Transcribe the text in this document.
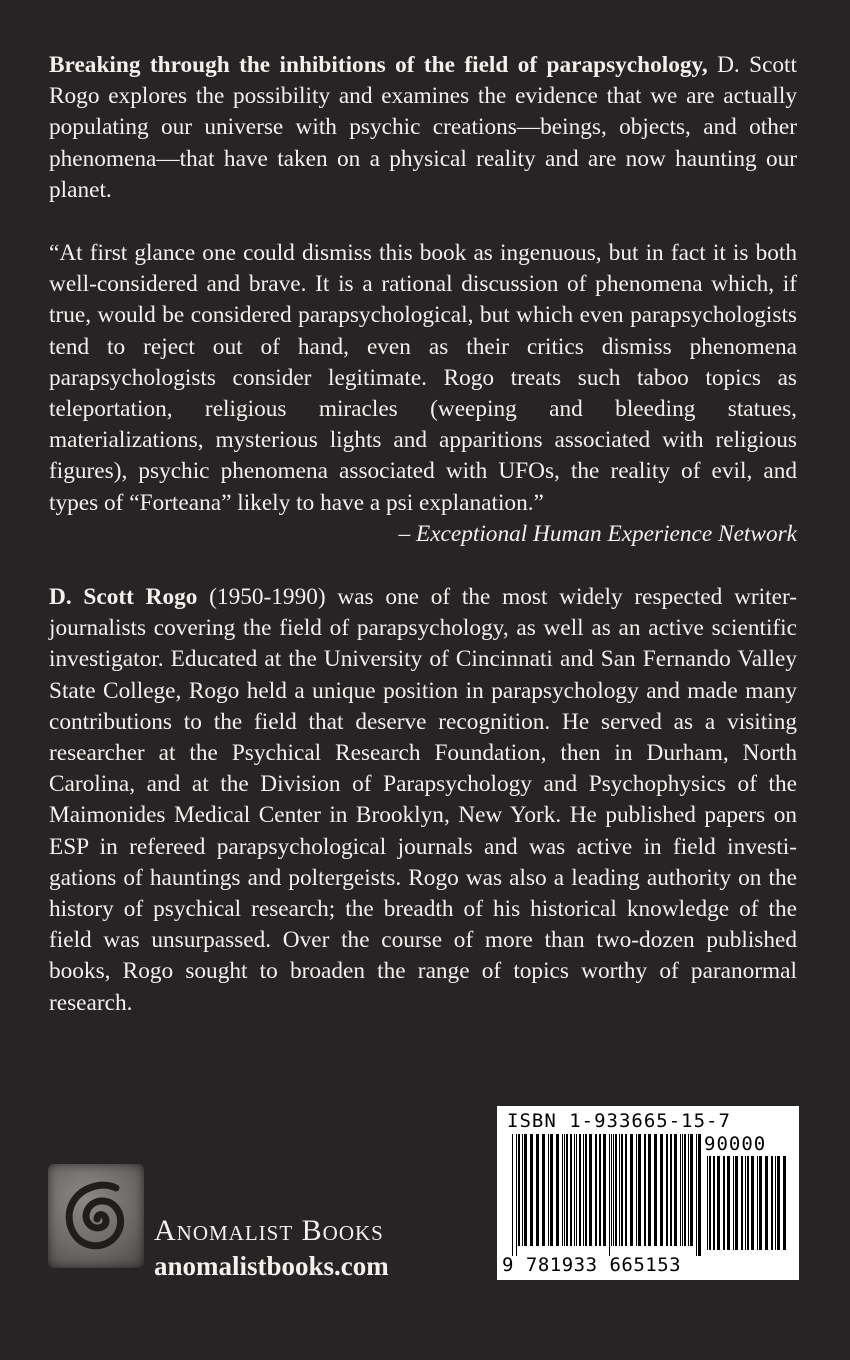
Breaking through the inhibitions of the field of parapsychology, D. Scott Rogo explores the possibility and examines the evidence that we are actually populating our universe with psychic creations—beings, objects, and other phenomena—that have taken on a physical reality and are now haunting our planet.

“At first glance one could dismiss this book as ingenuous, but in fact it is both well-considered and brave. It is a rational discussion of phenomena which, if true, would be considered parapsychological, but which even parapsychologists tend to reject out of hand, even as their critics dismiss phenomena parapsychologists consider legitimate. Rogo treats such taboo topics as teleportation, religious miracles (weeping and bleeding statues, materializations, mysterious lights and apparitions associated with religious figures), psychic phenomena associated with UFOs, the reality of evil, and types of “Forteana” likely to have a psi explanation.”
– Exceptional Human Experience Network

D. Scott Rogo (1950-1990) was one of the most widely respected writer-journalists covering the field of parapsychology, as well as an active scientific investigator. Educated at the University of Cincinnati and San Fernando Valley State College, Rogo held a unique position in parapsychology and made many contributions to the field that deserve recognition. He served as a visiting researcher at the Psychical Research Foundation, then in Durham, North Carolina, and at the Division of Parapsychology and Psychophysics of the Maimonides Medical Center in Brooklyn, New York. He published papers on ESP in refereed parapsychological journals and was active in field investigations of hauntings and poltergeists. Rogo was also a leading authority on the history of psychical research; the breadth of his historical knowledge of the field was unsurpassed. Over the course of more than two-dozen published books, Rogo sought to broaden the range of topics worthy of paranormal research.

Anomalist Books
anomalistbooks.com
ISBN 1-933665-15-7
90000
9 781933 665153
